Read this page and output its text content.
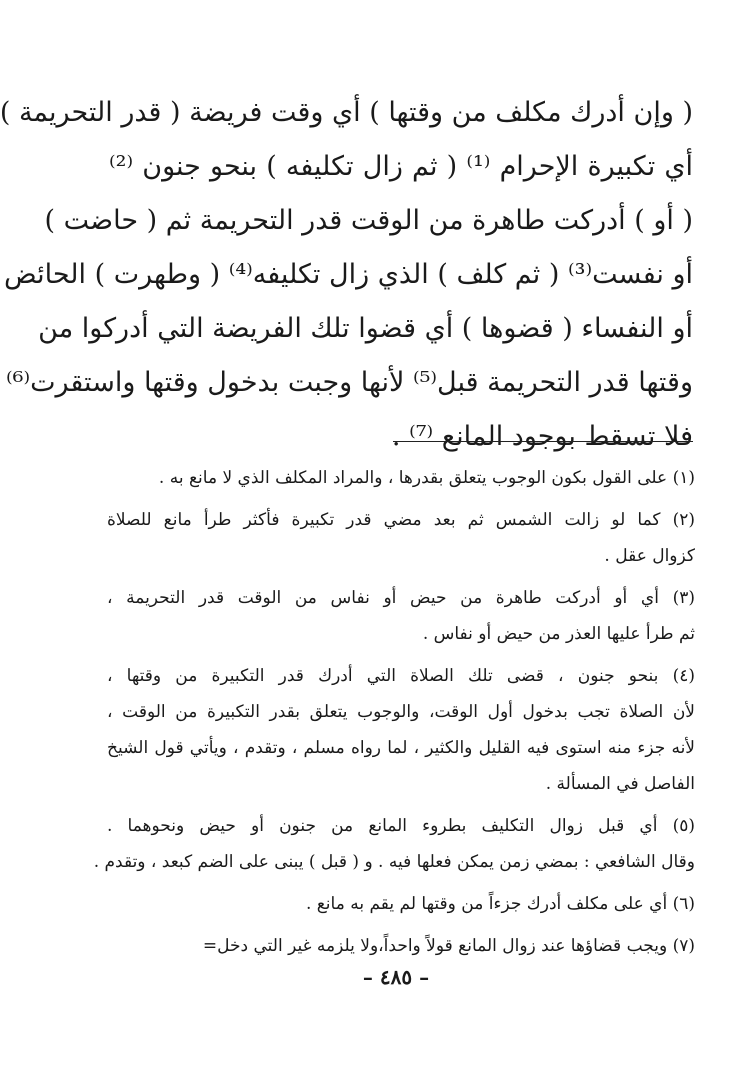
( وإن أدرك مكلف من وقتها ) أي وقت فريضة ( قدر التحريمة )
أي تكبيرة الإحرام ⁽¹⁾ ( ثم زال تكليفه ) بنحو جنون ⁽²⁾
( أو ) أدركت طاهرة من الوقت قدر التحريمة ثم ( حاضت )
أو نفست⁽³⁾ ( ثم كلف ) الذي زال تكليفه⁽⁴⁾ ( وطهرت ) الحائض
أو النفساء ( قضوها ) أي قضوا تلك الفريضة التي أدركوا من
وقتها قدر التحريمة قبل⁽⁵⁾ لأنها وجبت بدخول وقتها واستقرت⁽⁶⁾
فلا تسقط بوجود المانع ⁽⁷⁾ .
(١) على القول بكون الوجوب يتعلق بقدرها ، والمراد المكلف الذي لا مانع به .
(٢) كما لو زالت الشمس ثم بعد مضي قدر تكبيرة فأكثر طرأ مانع للصلاة
كزوال عقل .
(٣) أي أو أدركت طاهرة من حيض أو نفاس من الوقت قدر التحريمة ،
ثم طرأ عليها العذر من حيض أو نفاس .
(٤) بنحو جنون ، قضى تلك الصلاة التي أدرك قدر التكبيرة من وقتها ،
لأن الصلاة تجب بدخول أول الوقت، والوجوب يتعلق بقدر التكبيرة من الوقت ،
لأنه جزء منه استوى فيه القليل والكثير ، لما رواه مسلم ، وتقدم ، ويأتي قول الشيخ
الفاصل في المسألة .
(٥) أي قبل زوال التكليف بطروء المانع من جنون أو حيض ونحوهما .
وقال الشافعي : بمضي زمن يمكن فعلها فيه . و ( قبل ) يبنى على الضم كبعد ، وتقدم .
(٦) أي على مكلف أدرك جزءاً من وقتها لم يقم به مانع .
(٧) ويجب قضاؤها عند زوال المانع قولاً واحداً،ولا يلزمه غير التي دخل=
– ٤٨٥ –
